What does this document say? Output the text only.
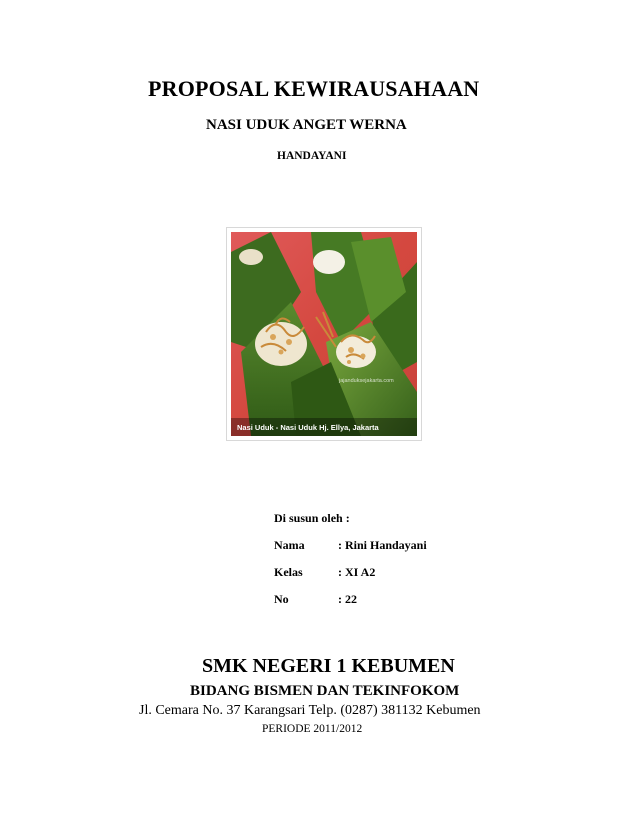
PROPOSAL KEWIRAUSAHAAN
NASI UDUK ANGET WERNA
HANDAYANI
Nasi Uduk - Nasi Uduk Hj. Ellya, Jakarta
jajanduksejakarta.com
Di susun oleh :
Nama	: Rini Handayani
Kelas	: XI A2
No	: 22
SMK NEGERI 1 KEBUMEN
BIDANG BISMEN DAN TEKINFOKOM
Jl. Cemara No. 37 Karangsari Telp. (0287) 381132 Kebumen
PERIODE 2011/2012
